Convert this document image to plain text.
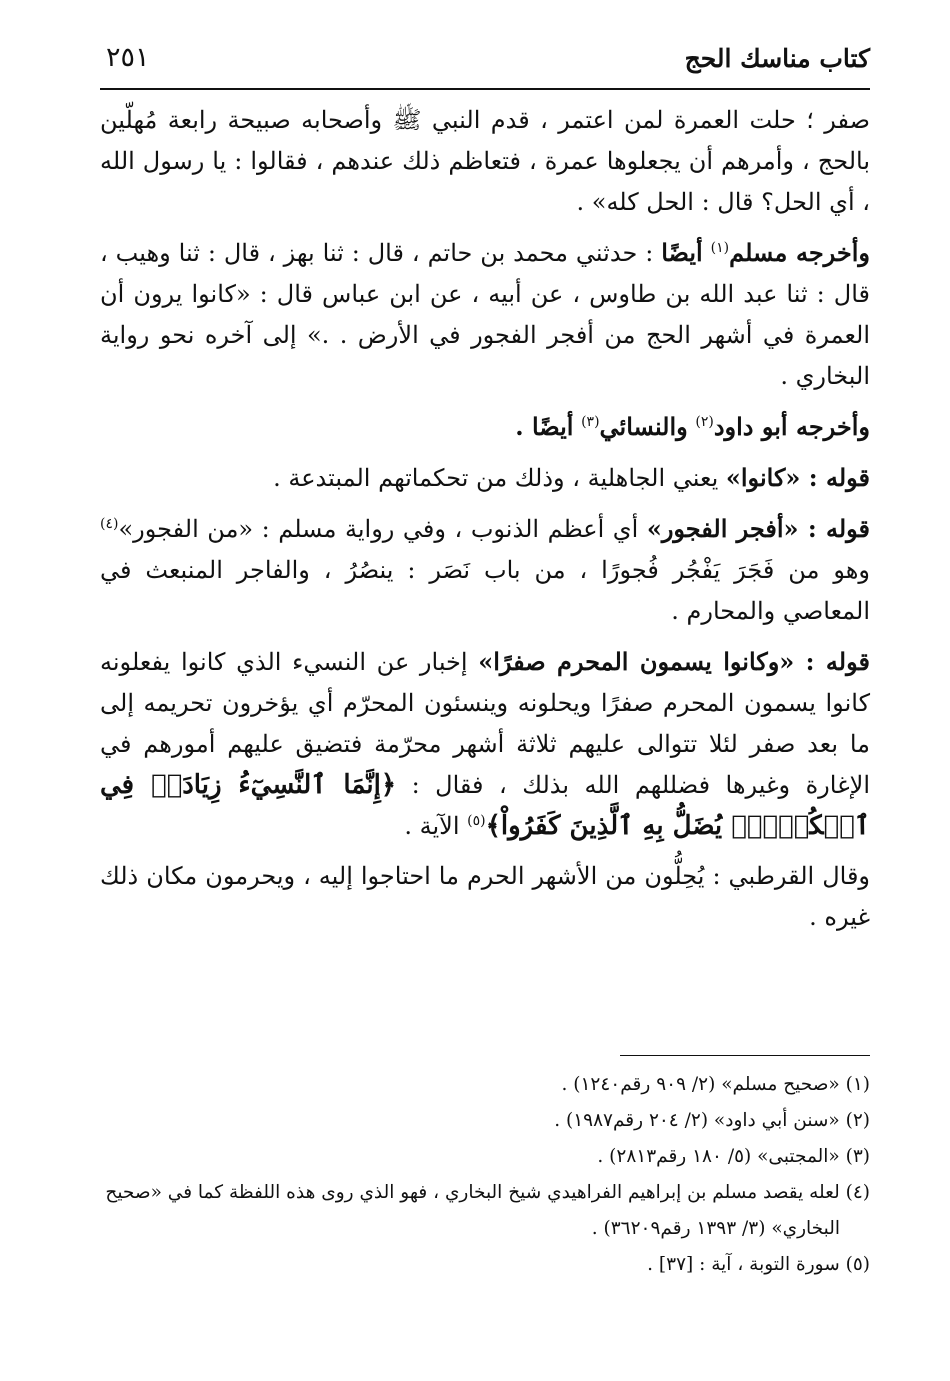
كتاب مناسك الحج
٢٥١

صفر ؛ حلت العمرة لمن اعتمر ، قدم النبي ﷺ وأصحابه صبيحة رابعة مُهلّين بالحج ، وأمرهم أن يجعلوها عمرة ، فتعاظم ذلك عندهم ، فقالوا : يا رسول الله ، أي الحل؟ قال : الحل كله» .

وأخرجه مسلم$^{(١)}$ أيضًا : حدثني محمد بن حاتم ، قال : ثنا بهز ، قال : ثنا وهيب ، قال : ثنا عبد الله بن طاوس ، عن أبيه ، عن ابن عباس قال : «كانوا يرون أن العمرة في أشهر الحج من أفجر الفجور في الأرض . .» إلى آخره نحو رواية البخاري .

وأخرجه أبو داود$^{(٢)}$ والنسائي$^{(٣)}$ أيضًا .

قوله : «كانوا» يعني الجاهلية ، وذلك من تحكماتهم المبتدعة .

قوله : «أفجر الفجور» أي أعظم الذنوب ، وفي رواية مسلم : «من الفجور»$^{(٤)}$ وهو من فَجَرَ يَفْجُر فُجورًا ، من باب نَصَر : ينصُرُ ، والفاجر المنبعث في المعاصي والمحارم .

قوله : «وكانوا يسمون المحرم صفرًا» إخبار عن النسيء الذي كانوا يفعلونه كانوا يسمون المحرم صفرًا ويحلونه وينسئون المحرّم أي يؤخرون تحريمه إلى ما بعد صفر لئلا تتوالى عليهم ثلاثة أشهر محرّمة فتضيق عليهم أمورهم في الإغارة وغيرها فضللهم الله بذلك ، فقال : ﴿إِنَّمَا ٱلنَّسِيٓءُ زِيَادَةٞ فِي ٱلۡكُفۡرِۖ يُضَلُّ بِهِ ٱلَّذِينَ كَفَرُواْ﴾$^{(٥)}$ الآية .

وقال القرطبي : يُحِلُّون من الأشهر الحرم ما احتاجوا إليه ، ويحرمون مكان ذلك غيره .

(١) «صحيح مسلم» (٢/ ٩٠٩ رقم١٢٤٠) .

(٢) «سنن أبي داود» (٢/ ٢٠٤ رقم١٩٨٧) .

(٣) «المجتبى» (٥/ ١٨٠ رقم٢٨١٣) .

(٤) لعله يقصد مسلم بن إبراهيم الفراهيدي شيخ البخاري ، فهو الذي روى هذه اللفظة كما في «صحيح البخاري» (٣/ ١٣٩٣ رقم٣٦٢٠٩) .

(٥) سورة التوبة ، آية : [٣٧] .
